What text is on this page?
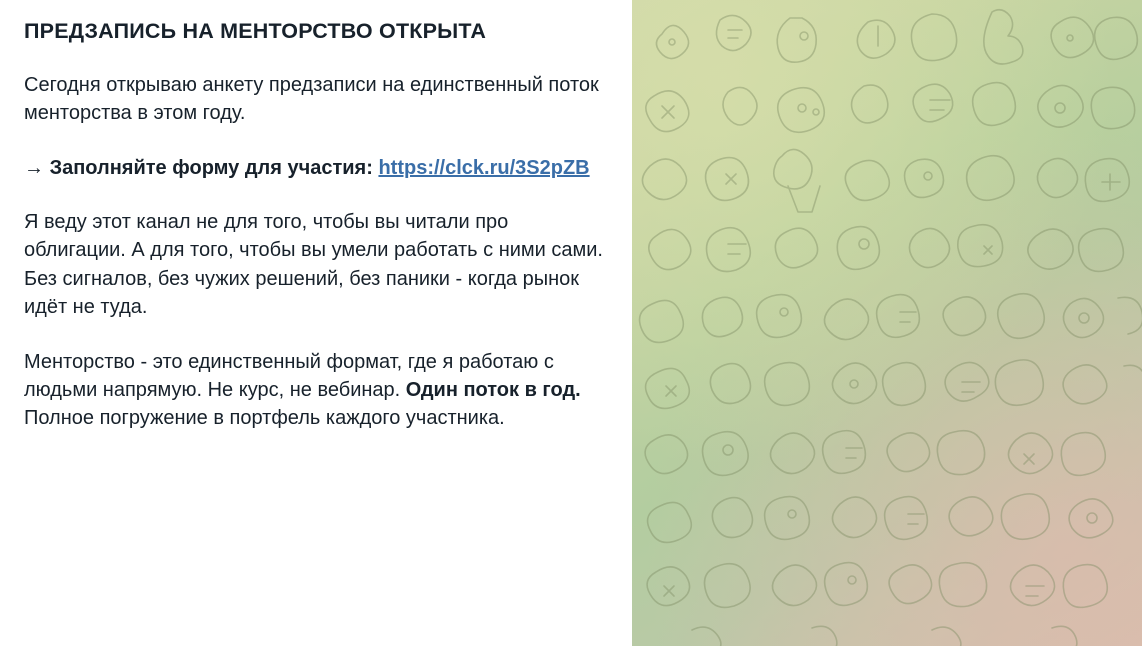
ПРЕДЗАПИСЬ НА МЕНТОРСТВО ОТКРЫТА

Сегодня открываю анкету предзаписи на единственный поток менторства в этом году.

→ Заполняйте форму для участия: https://clck.ru/3S2pZB

Я веду этот канал не для того, чтобы вы читали про облигации. А для того, чтобы вы умели работать с ними сами. Без сигналов, без чужих решений, без паники - когда рынок идёт не туда.

Менторство - это единственный формат, где я работаю с людьми напрямую. Не курс, не вебинар. Один поток в год. Полное погружение в портфель каждого участника.
